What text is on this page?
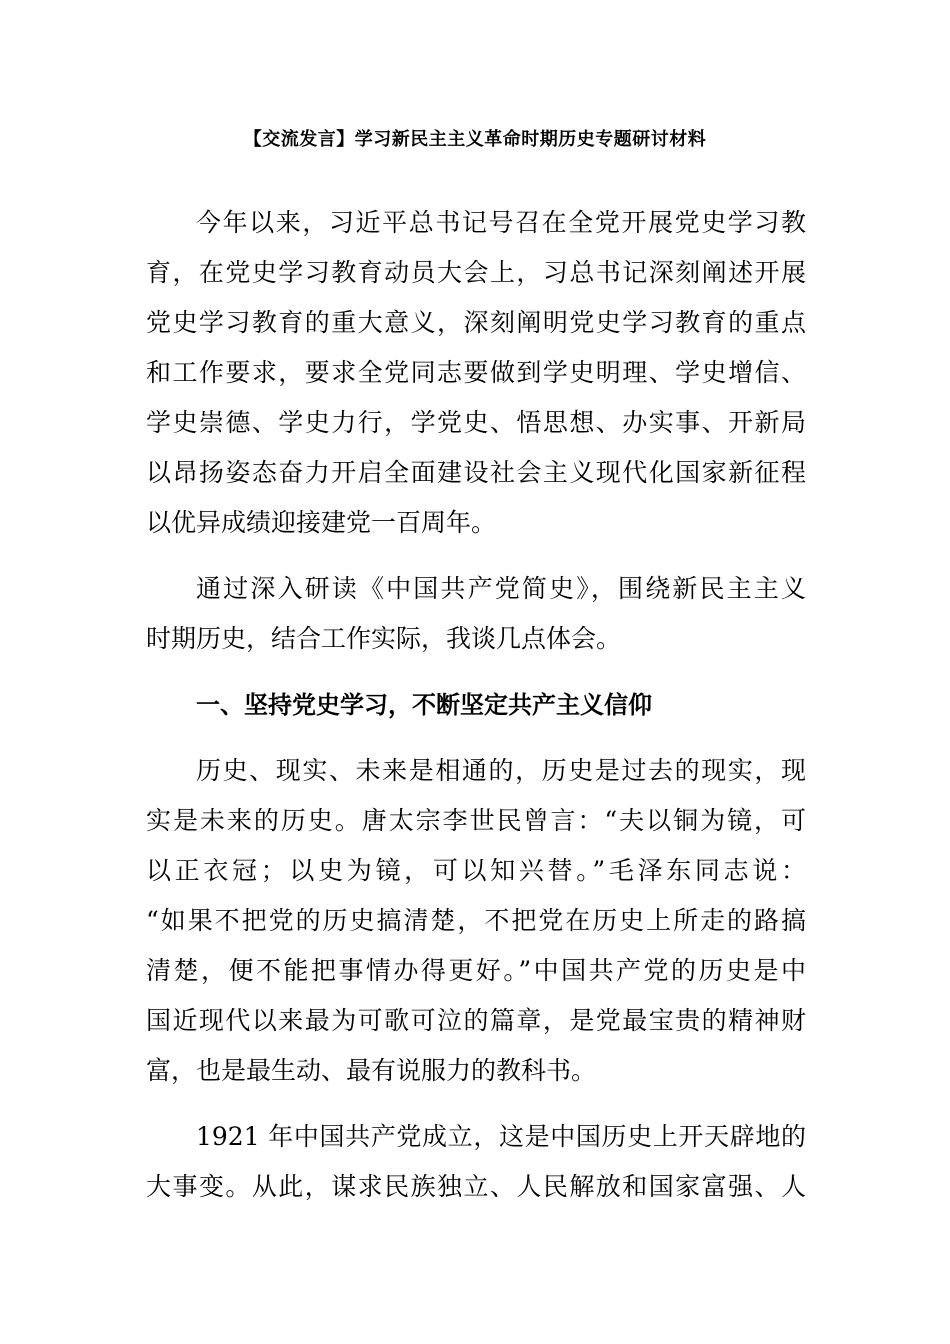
【交流发言】学习新民主主义革命时期历史专题研讨材料
今年以来，习近平总书记号召在全党开展党史学习教
育，在党史学习教育动员大会上，习总书记深刻阐述开展
党史学习教育的重大意义，深刻阐明党史学习教育的重点
和工作要求，要求全党同志要做到学史明理、学史增信、
学史崇德、学史力行，学党史、悟思想、办实事、开新局
以昂扬姿态奋力开启全面建设社会主义现代化国家新征程
以优异成绩迎接建党一百周年。
通过深入研读《中国共产党简史》，围绕新民主主义
时期历史，结合工作实际，我谈几点体会。
一、坚持党史学习，不断坚定共产主义信仰
历史、现实、未来是相通的，历史是过去的现实，现
实是未来的历史。唐太宗李世民曾言：“夫以铜为镜，可
以正衣冠；以史为镜，可以知兴替。”毛泽东同志说：
“如果不把党的历史搞清楚，不把党在历史上所走的路搞
清楚，便不能把事情办得更好。”中国共产党的历史是中
国近现代以来最为可歌可泣的篇章，是党最宝贵的精神财
富，也是最生动、最有说服力的教科书。
1921 年中国共产党成立，这是中国历史上开天辟地的
大事变。从此，谋求民族独立、人民解放和国家富强、人
